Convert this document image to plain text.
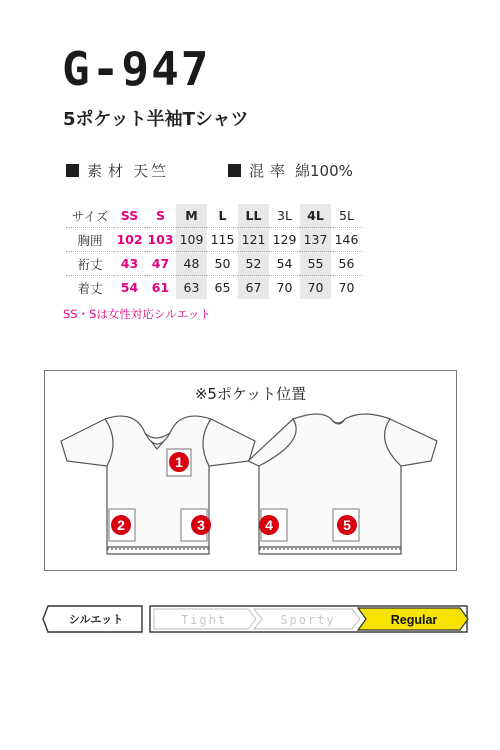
G-947
5ポケット半袖Tシャツ
素材 天竺	混率 綿100%
サイズ	SS	S	M	L	LL	3L	4L	5L
胸囲	102	103	109	115	121	129	137	146
裄丈	43	47	48	50	52	54	55	56
着丈	54	61	63	65	67	70	70	70
SS・Sは女性対応シルエット
※5ポケット位置
1
2	3	4	5
シルエット	Tight	Sporty	Regular
